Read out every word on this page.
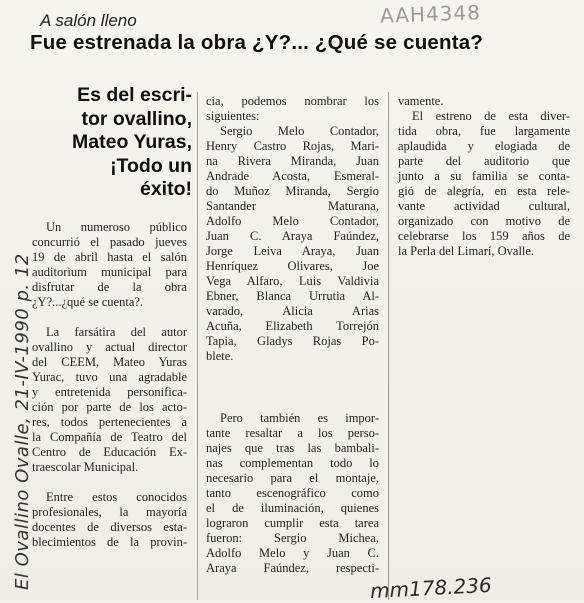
AAH4348
A salón lleno
Fue estrenada la obra ¿Y?... ¿Qué se cuenta?
Es del escri-
tor ovallino,
Mateo Yuras,
¡Todo un
éxito!
Un numeroso público
concurrió el pasado jueves
19 de abril hasta el salón
auditorium municipal para
disfrutar de la obra
¿Y?...¿qué se cuenta?.
La farsátira del autor
ovallino y actual director
del CEEM, Mateo Yuras
Yurac, tuvo una agradable
y entretenida personifica-
ción por parte de los acto-
res, todos pertenecientes a
la Compañía de Teatro del
Centro de Educación Ex-
traescolar Municipal.
Entre estos conocidos
profesionales, la mayoría
docentes de diversos esta-
blecimientos de la provin-
cia, podemos nombrar los
siguientes:
Sergio Melo Contador,
Henry Castro Rojas, Mari-
na Rivera Miranda, Juan
Andrade Acosta, Esmeral-
do Muñoz Miranda, Sergio
Santander Maturana,
Adolfo Melo Contador,
Juan C. Araya Faúndez,
Jorge Leiva Araya, Juan
Henríquez Olivares, Joe
Vega Alfaro, Luis Valdivia
Ebner, Blanca Urrutia Al-
varado, Alicia Arias
Acuña, Elizabeth Torrejón
Tapia, Gladys Rojas Po-
blete.
Pero también es impor-
tante resaltar a los perso-
najes que tras las bambali-
nas complementan todo lo
necesario para el montaje,
tanto escenográfico como
el de iluminación, quienes
lograron cumplir esta tarea
fueron: Sergio Michea,
Adolfo Melo y Juan C.
Araya Faúndez, respecti-
vamente.
El estreno de esta diver-
tida obra, fue largamente
aplaudida y elogiada de
parte del auditorio que
junto a su familia se conta-
gió de alegría, en esta rele-
vante actividad cultural,
organizado con motivo de
celebrarse los 159 años de
la Perla del Limarí, Ovalle.
El Ovallino Ovalle, 21-IV-1990 p. 12	mm178.236
